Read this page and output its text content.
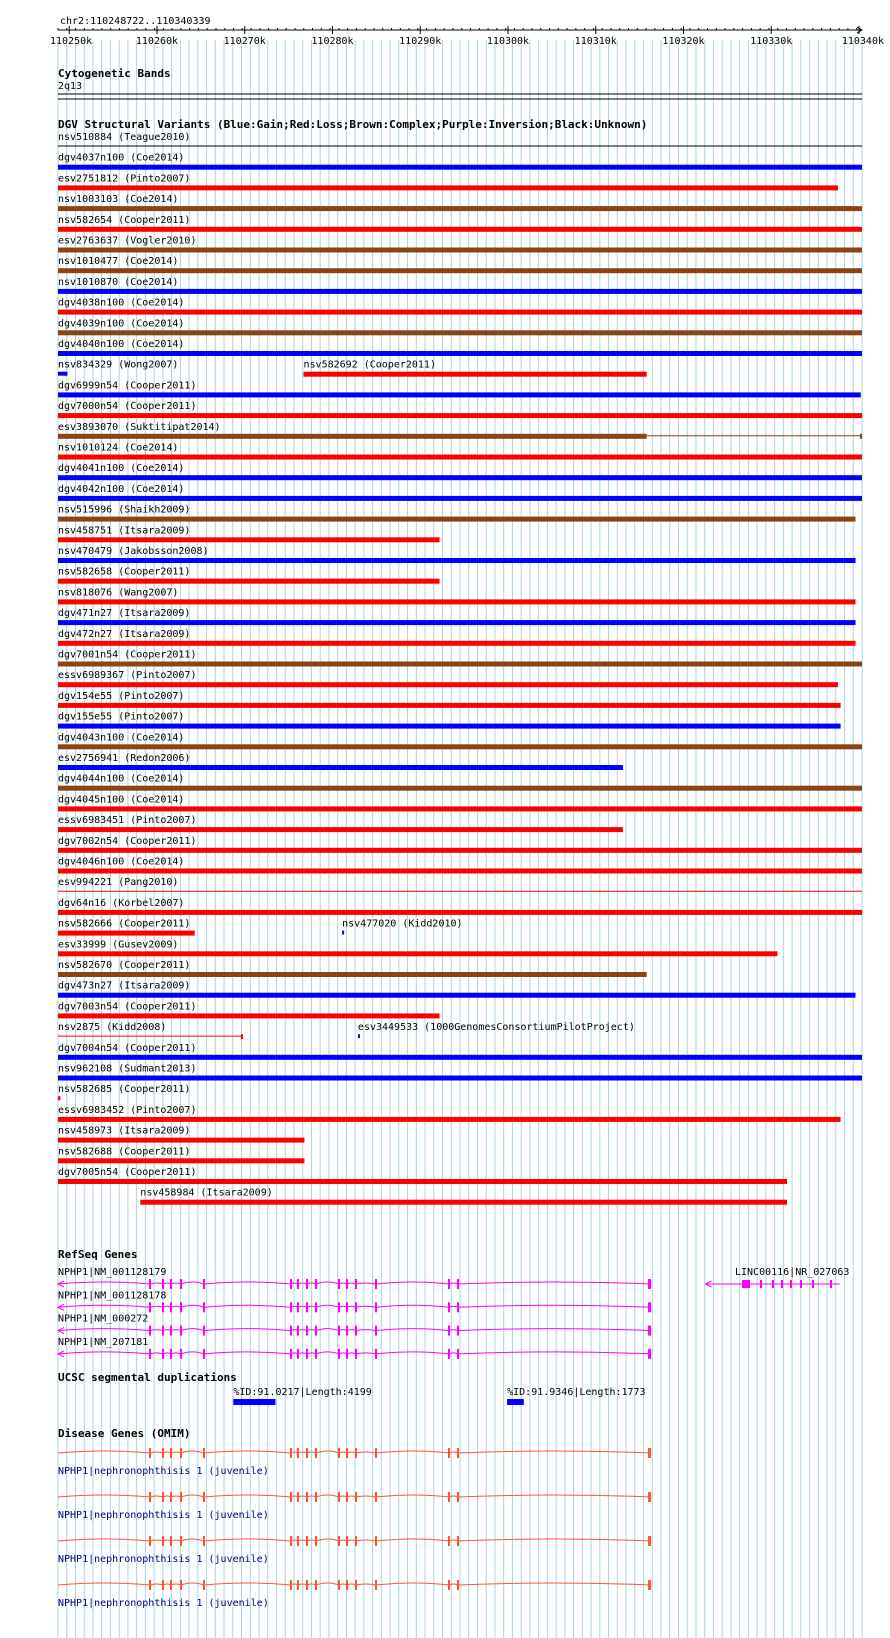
chr2:110248722..110340339
110250k	110260k	110270k	110280k	110290k	110300k	110310k	110320k	110330k	110340k
Cytogenetic Bands
2q13
DGV Structural Variants (Blue:Gain;Red:Loss;Brown:Complex;Purple:Inversion;Black:Unknown)
nsv510884 (Teague2010)
dgv4037n100 (Coe2014)
esv2751812 (Pinto2007)
nsv1003103 (Coe2014)
nsv582654 (Cooper2011)
esv2763637 (Vogler2010)
nsv1010477 (Coe2014)
nsv1010870 (Coe2014)
dgv4038n100 (Coe2014)
dgv4039n100 (Coe2014)
dgv4040n100 (Coe2014)
nsv834329 (Wong2007)	nsv582692 (Cooper2011)
dgv6999n54 (Cooper2011)
dgv7000n54 (Cooper2011)
esv3893070 (Suktitipat2014)
nsv1010124 (Coe2014)
dgv4041n100 (Coe2014)
dgv4042n100 (Coe2014)
nsv515996 (Shaikh2009)
nsv458751 (Itsara2009)
nsv470479 (Jakobsson2008)
nsv582658 (Cooper2011)
nsv818076 (Wang2007)
dgv471n27 (Itsara2009)
dgv472n27 (Itsara2009)
dgv7001n54 (Cooper2011)
essv6989367 (Pinto2007)
dgv154e55 (Pinto2007)
dgv155e55 (Pinto2007)
dgv4043n100 (Coe2014)
esv2756941 (Redon2006)
dgv4044n100 (Coe2014)
dgv4045n100 (Coe2014)
essv6983451 (Pinto2007)
dgv7002n54 (Cooper2011)
dgv4046n100 (Coe2014)
esv994221 (Pang2010)
dgv64n16 (Korbel2007)
nsv582666 (Cooper2011)	nsv477020 (Kidd2010)
esv33999 (Gusev2009)
nsv582670 (Cooper2011)
dgv473n27 (Itsara2009)
dgv7003n54 (Cooper2011)
nsv2875 (Kidd2008)	esv3449533 (1000GenomesConsortiumPilotProject)
dgv7004n54 (Cooper2011)
nsv962108 (Sudmant2013)
nsv582685 (Cooper2011)
essv6983452 (Pinto2007)
nsv458973 (Itsara2009)
nsv582688 (Cooper2011)
dgv7005n54 (Cooper2011)
nsv458984 (Itsara2009)
RefSeq Genes
NPHP1|NM_001128179
NPHP1|NM_001128178
NPHP1|NM_000272
NPHP1|NM_207181
LINC00116|NR_027063
UCSC segmental duplications
%ID:91.0217|Length:4199	%ID:91.9346|Length:1773
Disease Genes (OMIM)
NPHP1|nephronophthisis 1 (juvenile)
NPHP1|nephronophthisis 1 (juvenile)
NPHP1|nephronophthisis 1 (juvenile)
NPHP1|nephronophthisis 1 (juvenile)
